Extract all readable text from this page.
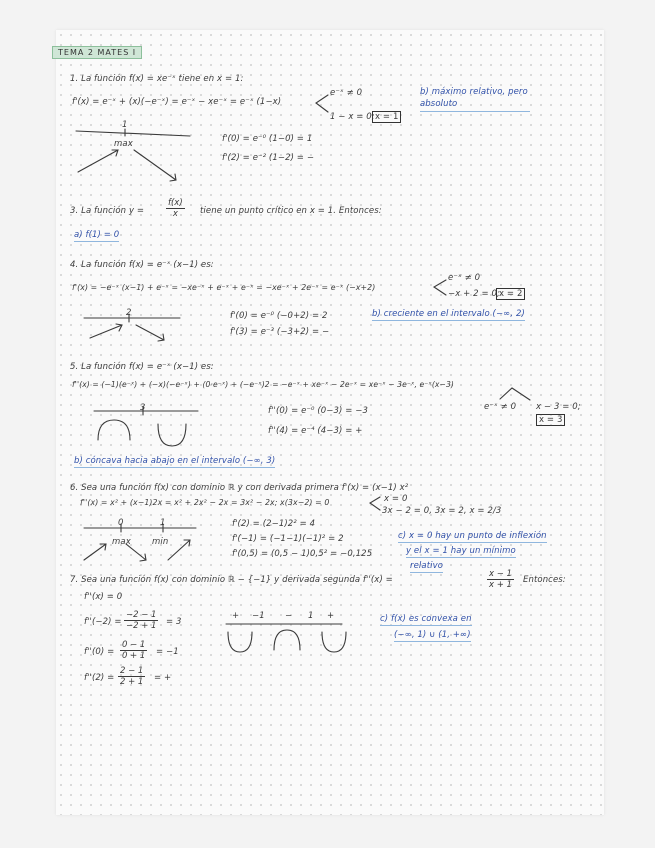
TEMA 2 MATES I
1. La función f(x) = xe⁻ˣ tiene en x = 1:
f'(x) = e⁻ˣ + (x)(−e⁻ˣ) = e⁻ˣ − xe⁻ˣ = e⁻ˣ (1−x)
e⁻ˣ ≠ 0
1 − x = 0; x = 1
b) máximo relativo, pero absoluto
1
max	f'(0) = e⁻⁰ (1−0) = 1
f'(2) = e⁻² (1−2) = −
3. La función y =	$\frac{f(x)}{x}$ tiene un punto crítico en x = 1. Entonces:
a) f(1) = 0
4. La función f(x) = e⁻ˣ (x−1) es:
f'(x) = −e⁻ˣ (x−1) + e⁻ˣ = −xe⁻ˣ + e⁻ˣ + e⁻ˣ = −xe⁻ˣ + 2e⁻ˣ = e⁻ˣ (−x+2)
e⁻ˣ ≠ 0
−x + 2 = 0; x = 2
2	f'(0) = e⁻⁰ (−0+2) = 2
f'(3) = e⁻³ (−3+2) = −
b) creciente en el intervalo (−∞, 2)
5. La función f(x) = e⁻ˣ (x−1) es:
f''(x) = (−1)(e⁻ˣ) + (−x)(−e⁻ˣ) + (0·e⁻ˣ) + (−e⁻ˣ)2 = −e⁻ˣ + xe⁻ˣ − 2e⁻ˣ = xe⁻ˣ − 3e⁻ˣ, e⁻ˣ(x−3)
e⁻ˣ ≠ 0 x − 3 = 0;
x = 3
3	f''(0) = e⁻⁰ (0−3) = −3
f''(4) = e⁻⁴ (4−3) = +
b) cóncava hacia abajo en el intervalo (−∞, 3)
6. Sea una función f(x) con dominio ℝ y con derivada primera f'(x) = (x−1) x²
f''(x) = x² + (x−1)2x = x² + 2x² − 2x = 3x² − 2x; x(3x−2) = 0	x = 0
3x − 2 = 0, 3x = 2, x = 2/3
0	1
max min
f'(2) = (2−1)2² = 4
f'(−1) = (−1−1)(−1)² = 2
f'(0,5) = (0,5 − 1)0,5² = −0,125
c) x = 0 hay un punto de inflexión
y el x = 1 hay un mínimo
relativo
7. Sea una función f(x) con dominio ℝ − {−1} y derivada segunda f''(x) =	$\frac{x - 1}{x + 1}$ Entonces:
f''(x) = 0
$f''(-2) = \frac{-2 - 1}{-2 + 1} = 3$
$f''(0) = \frac{0 - 1}{0 + 1} = -1$
$f''(2) = \frac{2 - 1}{2 + 1}$ = +
+ −1 − 1 +	c) f(x) es convexa en
(−∞, 1) ∪ (1, +∞)
